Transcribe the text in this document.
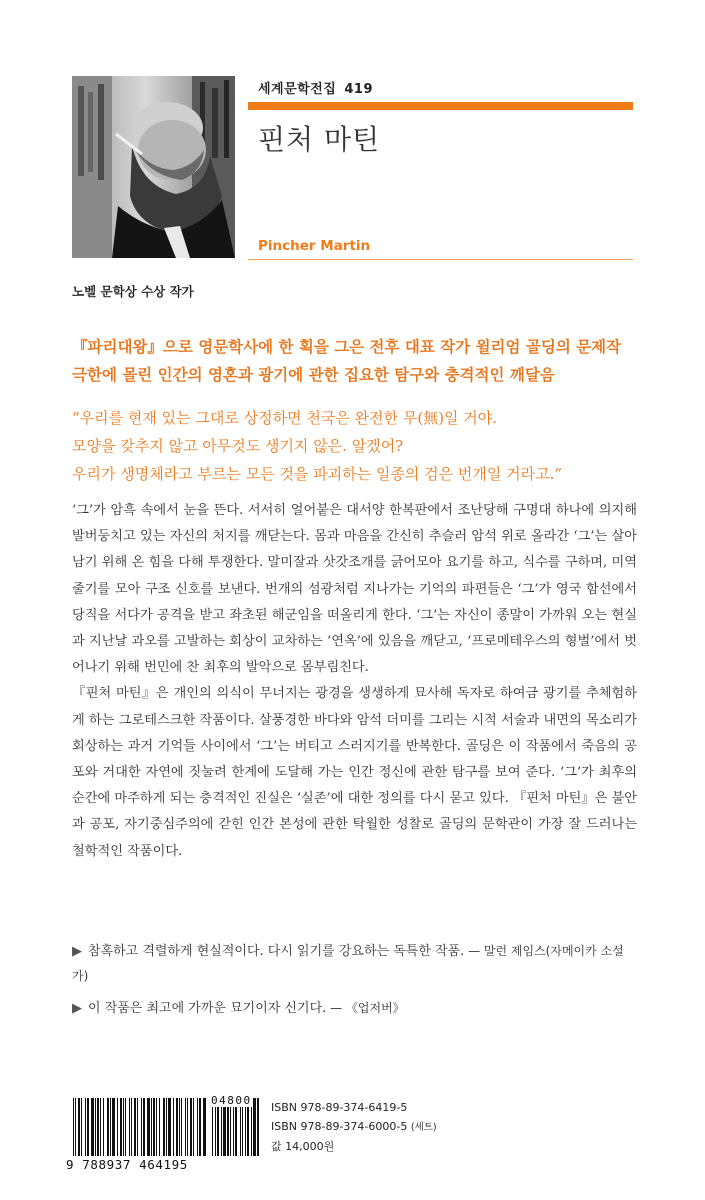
세계문학전집 419
핀처 마틴
Pincher Martin
노벨 문학상 수상 작가
『파리대왕』으로 영문학사에 한 획을 그은 전후 대표 작가 윌리엄 골딩의 문제작
극한에 몰린 인간의 영혼과 광기에 관한 집요한 탐구와 충격적인 깨달음
“우리를 현재 있는 그대로 상정하면 천국은 완전한 무(無)일 거야.
모양을 갖추지 않고 아무것도 생기지 않은. 알겠어?
우리가 생명체라고 부르는 모든 것을 파괴하는 일종의 검은 번개일 거라고.”

‘그’가 암흑 속에서 눈을 뜬다. 서서히 얼어붙은 대서양 한복판에서 조난당해 구명대 하나에 의지해 발버둥치고 있는 자신의 처지를 깨닫는다. 몸과 마음을 간신히 추슬러 암석 위로 올라간 ‘그’는 살아남기 위해 온 힘을 다해 투쟁한다. 말미잘과 삿갓조개를 긁어모아 요기를 하고, 식수를 구하며, 미역 줄기를 모아 구조 신호를 보낸다. 번개의 섬광처럼 지나가는 기억의 파편들은 ‘그’가 영국 함선에서 당직을 서다가 공격을 받고 좌초된 해군임을 떠올리게 한다. ‘그’는 자신이 종말이 가까워 오는 현실과 지난날 과오를 고발하는 회상이 교차하는 ‘연옥’에 있음을 깨닫고, ‘프로메테우스의 형벌’에서 벗어나기 위해 번민에 찬 최후의 발악으로 몸부림친다.

『핀처 마틴』은 개인의 의식이 무너지는 광경을 생생하게 묘사해 독자로 하여금 광기를 추체험하게 하는 그로테스크한 작품이다. 살풍경한 바다와 암석 더미를 그리는 시적 서술과 내면의 목소리가 회상하는 과거 기억들 사이에서 ‘그’는 버티고 스러지기를 반복한다. 골딩은 이 작품에서 죽음의 공포와 거대한 자연에 짓눌려 한계에 도달해 가는 인간 정신에 관한 탐구를 보여 준다. ‘그’가 최후의 순간에 마주하게 되는 충격적인 진실은 ‘실존’에 대한 정의를 다시 묻고 있다. 『핀처 마틴』은 불안과 공포, 자기중심주의에 갇힌 인간 본성에 관한 탁월한 성찰로 골딩의 문학관이 가장 잘 드러나는 철학적인 작품이다.

▶ 참혹하고 격렬하게 현실적이다. 다시 읽기를 강요하는 독특한 작품. — 말런 제임스(자메이카 소설가)
▶ 이 작품은 최고에 가까운 묘기이자 신기다. — 《업저버》
9 788937 464195
04800
ISBN 978-89-374-6419-5
ISBN 978-89-374-6000-5 (세트)
값 14,000원
